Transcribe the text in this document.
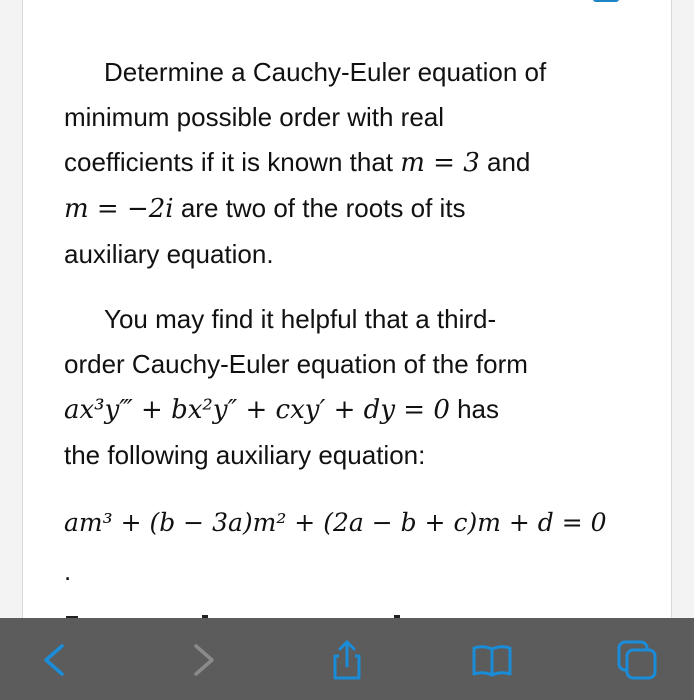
Determine a Cauchy-Euler equation of
minimum possible order with real
coefficients if it is known that m = 3 and
m = −2i are two of the roots of its
auxiliary equation.

You may find it helpful that a third-
order Cauchy-Euler equation of the form
ax³y‴ + bx²y″ + cxy′ + dy = 0 has
the following auxiliary equation:

am³ + (b − 3a)m² + (2a − b + c)m + d = 0
.
